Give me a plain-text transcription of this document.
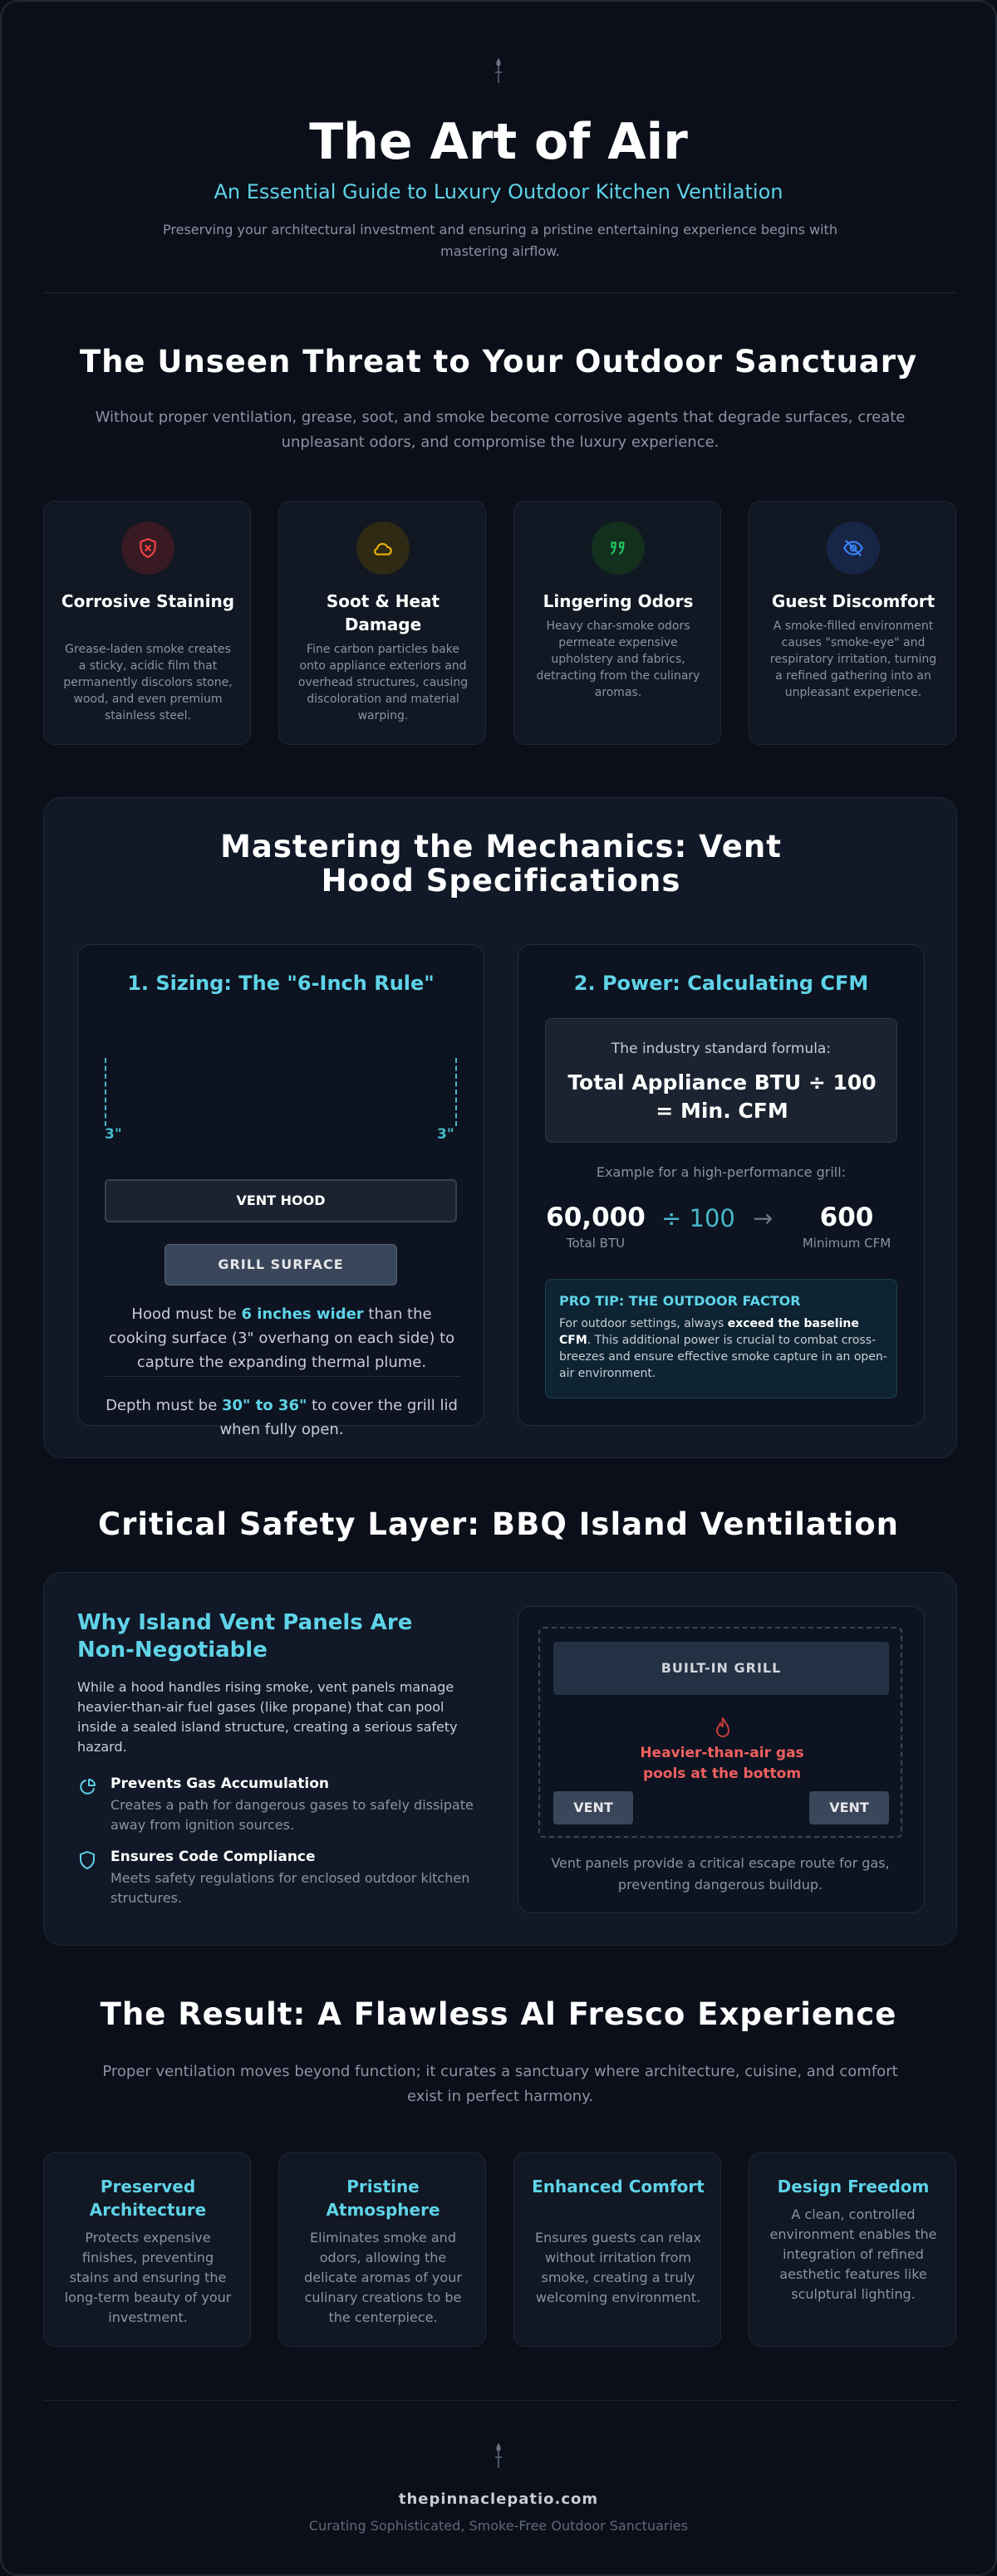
The Art of Air
An Essential Guide to Luxury Outdoor Kitchen Ventilation
Preserving your architectural investment and ensuring a pristine entertaining experience begins with mastering airflow.
The Unseen Threat to Your Outdoor Sanctuary
Without proper ventilation, grease, soot, and smoke become corrosive agents that degrade surfaces, create unpleasant odors, and compromise the luxury experience.
Corrosive Staining
Grease-laden smoke creates a sticky, acidic film that permanently discolors stone, wood, and even premium stainless steel.
Soot & Heat Damage
Fine carbon particles bake onto appliance exteriors and overhead structures, causing discoloration and material warping.
Lingering Odors
Heavy char-smoke odors permeate expensive upholstery and fabrics, detracting from the culinary aromas.
Guest Discomfort
A smoke-filled environment causes "smoke-eye" and respiratory irritation, turning a refined gathering into an unpleasant experience.
Mastering the Mechanics: Vent Hood Specifications
1. Sizing: The "6-Inch Rule"
3"	3"
VENT HOOD
GRILL SURFACE
Hood must be 6 inches wider than the cooking surface (3" overhang on each side) to capture the expanding thermal plume.
Depth must be 30" to 36" to cover the grill lid when fully open.
2. Power: Calculating CFM
The industry standard formula:
Total Appliance BTU ÷ 100 = Min. CFM
Example for a high-performance grill:
60,000
Total BTU
÷ 100 →	600
Minimum CFM
PRO TIP: THE OUTDOOR FACTOR
For outdoor settings, always exceed the baseline CFM. This additional power is crucial to combat cross-breezes and ensure effective smoke capture in an open-air environment.
Critical Safety Layer: BBQ Island Ventilation
Why Island Vent Panels Are Non-Negotiable
While a hood handles rising smoke, vent panels manage heavier-than-air fuel gases (like propane) that can pool inside a sealed island structure, creating a serious safety hazard.
Prevents Gas Accumulation
Creates a path for dangerous gases to safely dissipate away from ignition sources.
Ensures Code Compliance
Meets safety regulations for enclosed outdoor kitchen structures.
BUILT-IN GRILL
Heavier-than-air gas pools at the bottom
VENT	VENT
Vent panels provide a critical escape route for gas, preventing dangerous buildup.
The Result: A Flawless Al Fresco Experience
Proper ventilation moves beyond function; it curates a sanctuary where architecture, cuisine, and comfort exist in perfect harmony.
Preserved Architecture
Protects expensive finishes, preventing stains and ensuring the long-term beauty of your investment.
Pristine Atmosphere
Eliminates smoke and odors, allowing the delicate aromas of your culinary creations to be the centerpiece.
Enhanced Comfort
Ensures guests can relax without irritation from smoke, creating a truly welcoming environment.
Design Freedom
A clean, controlled environment enables the integration of refined aesthetic features like sculptural lighting.
thepinnaclepatio.com
Curating Sophisticated, Smoke-Free Outdoor Sanctuaries
